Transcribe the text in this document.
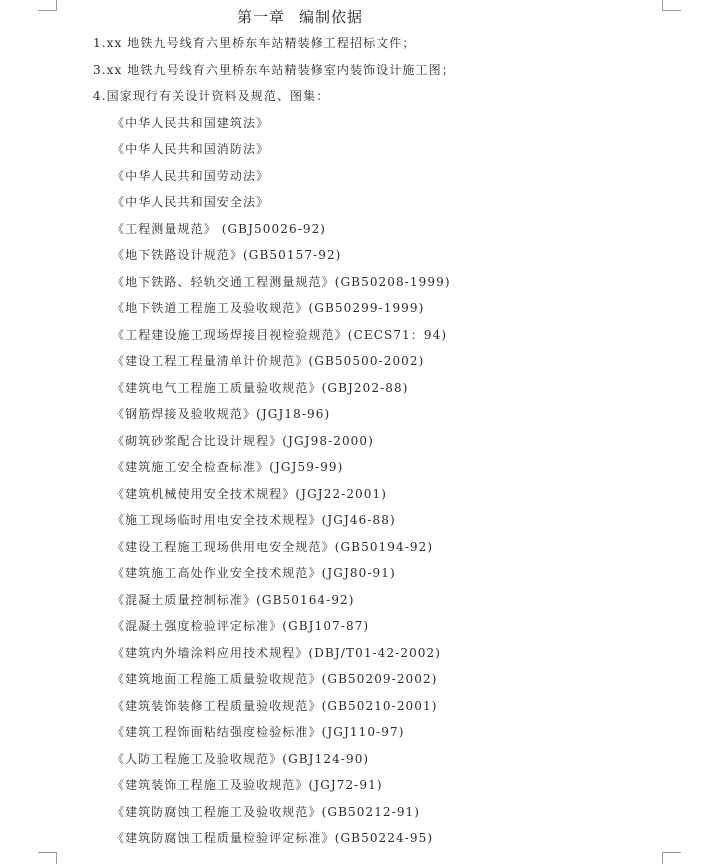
第一章 编制依据
1.xx 地铁九号线育六里桥东车站精装修工程招标文件；
3.xx 地铁九号线育六里桥东车站精装修室内装饰设计施工图；
4.国家现行有关设计资料及规范、图集：
《中华人民共和国建筑法》
《中华人民共和国消防法》
《中华人民共和国劳动法》
《中华人民共和国安全法》
《工程测量规范》 (GBJ50026-92)
《地下铁路设计规范》(GB50157-92)
《地下铁路、轻轨交通工程测量规范》(GB50208-1999)
《地下铁道工程施工及验收规范》(GB50299-1999)
《工程建设施工现场焊接目视检验规范》(CECS71：94)
《建设工程工程量清单计价规范》(GB50500-2002)
《建筑电气工程施工质量验收规范》(GBJ202-88)
《钢筋焊接及验收规范》(JGJ18-96)
《砌筑砂浆配合比设计规程》(JGJ98-2000)
《建筑施工安全检查标准》(JGJ59-99)
《建筑机械使用安全技术规程》(JGJ22-2001)
《施工现场临时用电安全技术规程》(JGJ46-88)
《建设工程施工现场供用电安全规范》(GB50194-92)
《建筑施工高处作业安全技术规范》(JGJ80-91)
《混凝土质量控制标准》(GB50164-92)
《混凝土强度检验评定标准》(GBJ107-87)
《建筑内外墙涂料应用技术规程》(DBJ/T01-42-2002)
《建筑地面工程施工质量验收规范》(GB50209-2002)
《建筑装饰装修工程质量验收规范》(GB50210-2001)
《建筑工程饰面粘结强度检验标准》(JGJ110-97)
《人防工程施工及验收规范》(GBJ124-90)
《建筑装饰工程施工及验收规范》(JGJ72-91)
《建筑防腐蚀工程施工及验收规范》(GB50212-91)
《建筑防腐蚀工程质量检验评定标准》(GB50224-95)
